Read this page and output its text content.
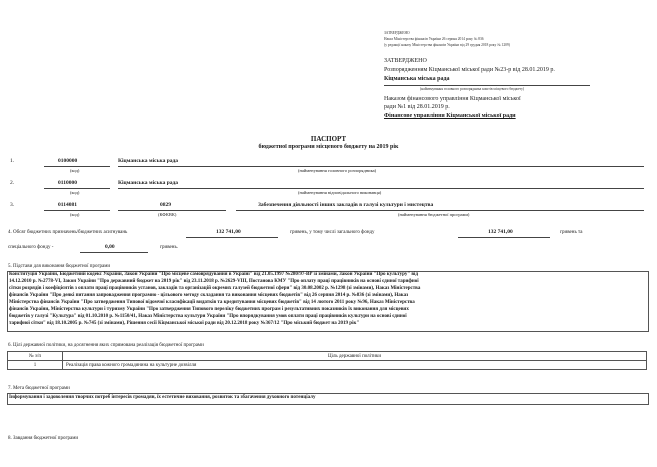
ЗАТВЕРДЖЕНО
Наказ Міністерства фінансів України 26 серпня 2014 року № 836
(у редакції наказу Міністерства фінансів України від 29 грудня 2018 року № 1209)
ЗАТВЕРДЖЕНО
Розпорядженням Кіцманської міської ради №23-р від 28.01.2019 р.
Кіцманська міська рада
(найменування головного розпорядника коштів місцевого бюджету)
Наказом фінансового управління Кіцманської міської
ради №1 від 28.01.2019 р.
Фінансове управління Кіцманської міської ради
ПАСПОРТ
бюджетної програми місцевого бюджету на 2019 рік
1.	0100000	Кіцманська міська рада
(код)	(найменування головного розпорядника)
2.	0110000	Кіцманська міська рада
(код)	(найменування відповідального виконавця)
3.	0114081	0829	Забезпечення діяльності інших закладів в галузі культури і мистецтва
(код)	(КФКВК)	(найменування бюджетної програми)
4. Обсяг бюджетних призначень/бюджетних асигнувань	132 741,00	гривень, у тому числі загального фонду	132 741,00	гривень та
спеціального фонду -	0,00	гривень.
5. Підстави для виконання бюджетної програми
Конституція України, Бюджетний кодекс України, Закон України "Про місцеве самоврядування в Україні" від 21.05.1997 №280/97-ВР зі змінами, Закон України "Про культуру" від
14.12.2010 р. №2778-VI, Закон України "Про державний бюджет на 2019 рік" від 23.11.2018 р. №2629-VIII, Постанова КМУ "Про оплату праці працівників на основі єдиної тарифної
сітки розрядів і коефіцієнтів з оплати праці працівників установ, закладів та організацій окремих галузей бюджетної сфери" від 30.08.2002 р. №1298 (зі змінами), Наказ Міністерства
фінансів України "Про деякі питання запровадження програмно - цільового методу складання та виконання місцевих бюджетів" від 26 серпня 2014 р. №836 (зі змінами), Наказ
Міністерства фінансів України "Про затвердження Типової відомчої класифікації видатків та кредитування місцевих бюджетів" від 14 лютого 2011 року №96, Наказ Міністерства
фінансів України, Міністерства культури і туризму України "Про затвердження Типового переліку бюджетних програм і результативних показників їх виконання для місцевих
бюджетів у галузі "Культура" від 01.10.2010 р. №1150/41, Наказ Міністерства культури України "Про впорядкування умов оплати праці працівників культури на основі єдиної
тарифної сітки" від 18.10.2005 р. №745 (зі змінами), Рішення сесії Кіцманської міської ради від 20.12.2018 року №367/12 "Про міський бюджет на 2019 рік"
6. Цілі державної політики, на досягнення яких спрямована реалізація бюджетної програми
№ з/п	Ціль державної політики
1	Реалізація права кожного громадянина на культурне дозвілля
7. Мета бюджетної програми
Інформування і задоволення творчих потреб інтересів громадян, їх естетичне виховання, розвиток та збагачення духовного потенціалу
8. Завдання бюджетної програми
